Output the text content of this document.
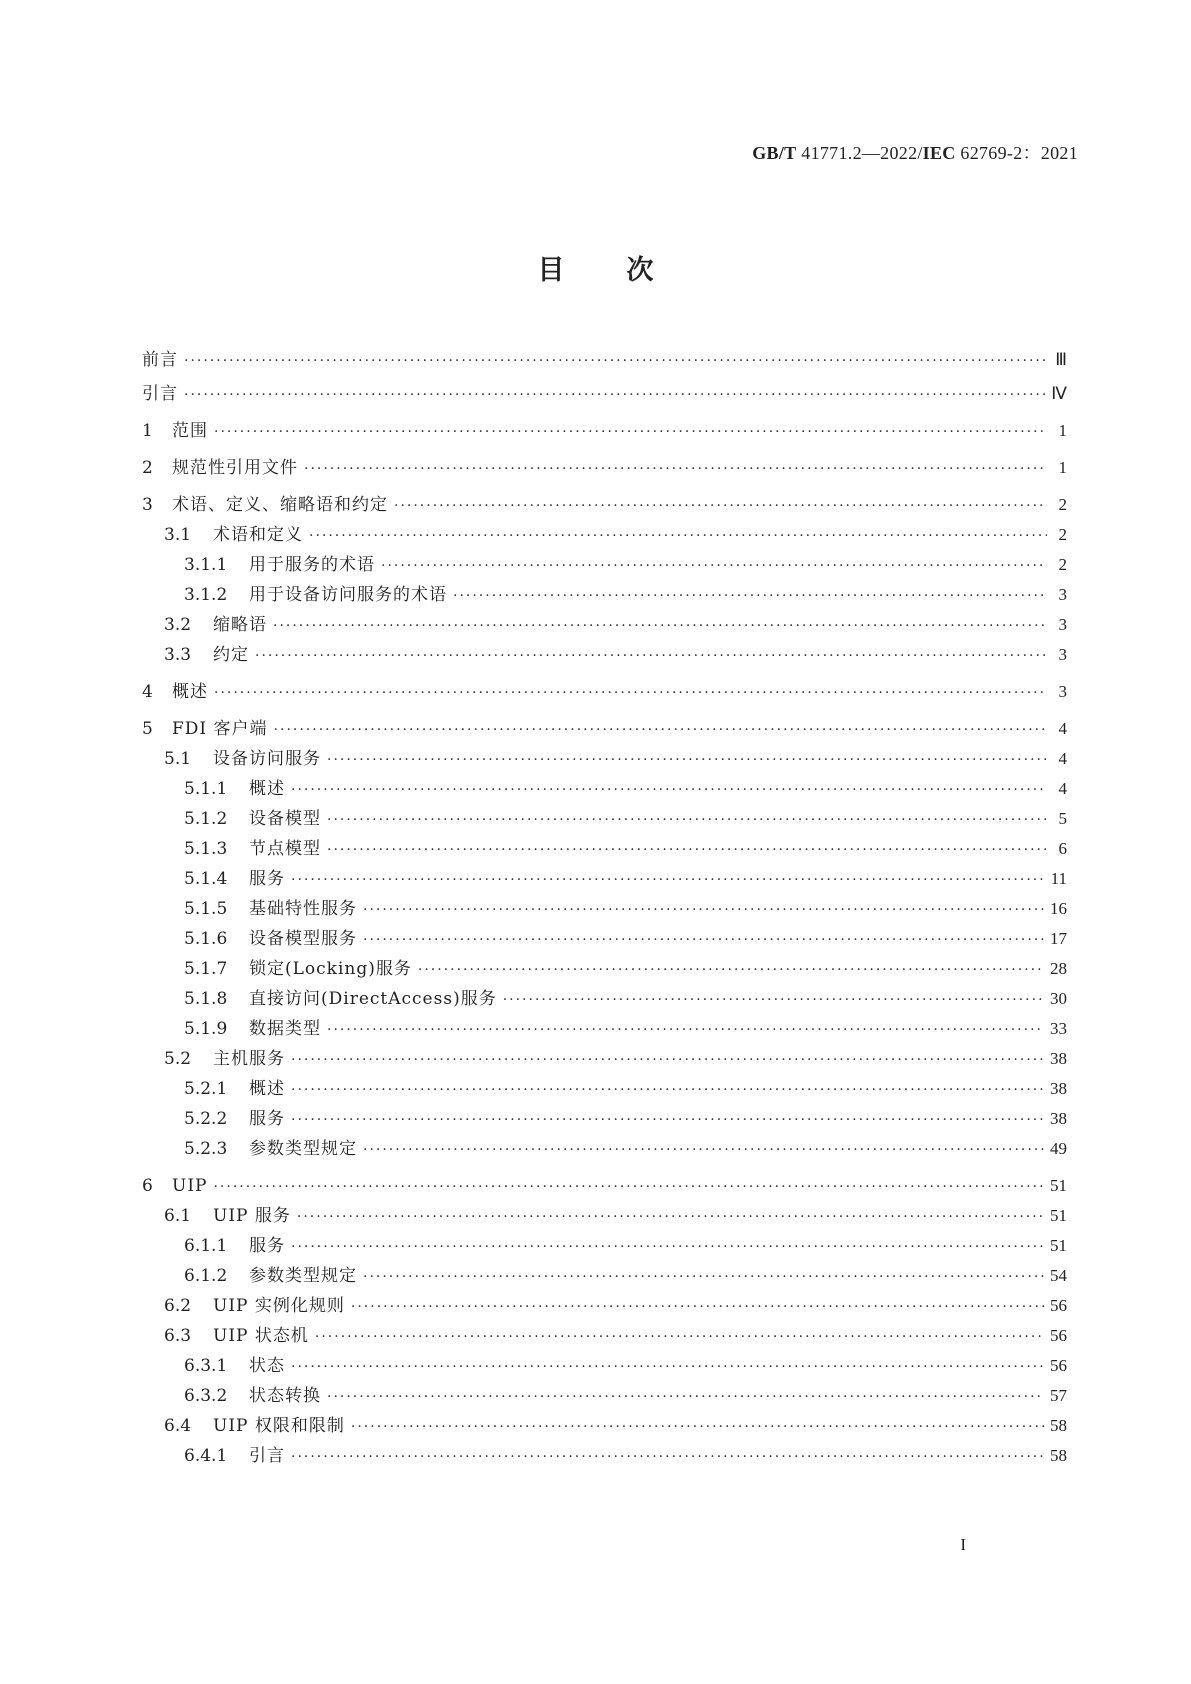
GB/T 41771.2—2022/IEC 62769-2：2021
目次
前言 ·····	Ⅲ
引言 ·····	Ⅳ
1	范围 ·····	1
2	规范性引用文件 ·····	1
3	术语、定义、缩略语和约定 ·····	2
3.1	术语和定义 ·····	2
3.1.1	用于服务的术语 ·····	2
3.1.2	用于设备访问服务的术语 ·····	3
3.2	缩略语 ·····	3
3.3	约定 ·····	3
4	概述 ·····	3
5	FDI 客户端 ·····	4
5.1	设备访问服务 ·····	4
5.1.1	概述 ·····	4
5.1.2	设备模型 ·····	5
5.1.3	节点模型 ·····	6
5.1.4	服务 ·····	11
5.1.5	基础特性服务 ·····	16
5.1.6	设备模型服务 ·····	17
5.1.7	锁定(Locking)服务 ·····	28
5.1.8	直接访问(DirectAccess)服务 ·····	30
5.1.9	数据类型 ·····	33
5.2	主机服务 ·····	38
5.2.1	概述 ·····	38
5.2.2	服务 ·····	38
5.2.3	参数类型规定 ·····	49
6	UIP ·····	51
6.1	UIP 服务 ·····	51
6.1.1	服务 ·····	51
6.1.2	参数类型规定 ·····	54
6.2	UIP 实例化规则 ·····	56
6.3	UIP 状态机 ·····	56
6.3.1	状态 ·····	56
6.3.2	状态转换 ·····	57
6.4	UIP 权限和限制 ·····	58
6.4.1	引言 ·····	58
I
